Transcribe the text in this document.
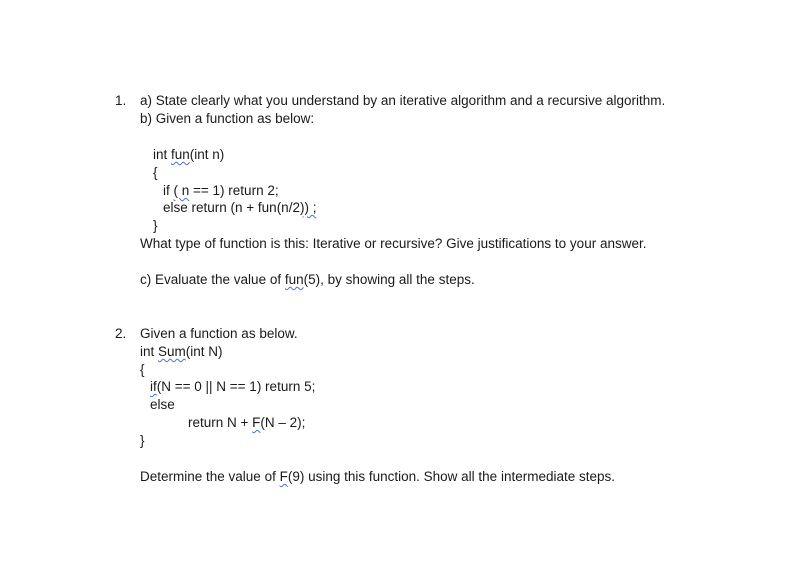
1. a) State clearly what you understand by an iterative algorithm and a recursive algorithm.
b) Given a function as below:
int fun(int n)
{
if ( n == 1) return 2;
else return (n + fun(n/2)) ;
}
What type of function is this: Iterative or recursive? Give justifications to your answer.
c) Evaluate the value of fun(5), by showing all the steps.
2. Given a function as below.
int Sum(int N)
{
if(N == 0 || N == 1) return 5;
else
return N + F(N – 2);
}
Determine the value of F(9) using this function. Show all the intermediate steps.
